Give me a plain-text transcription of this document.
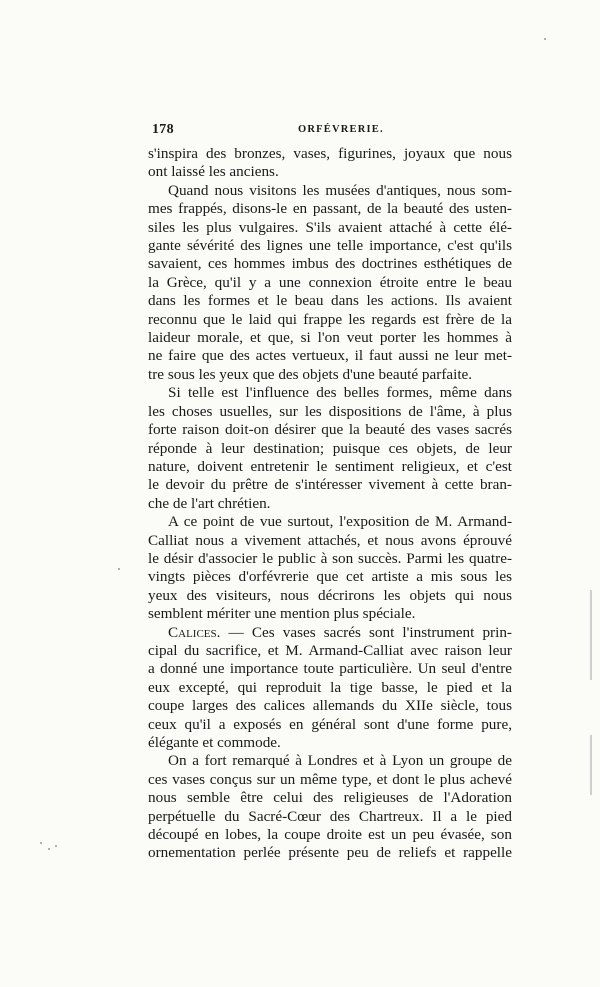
178	ORFÉVRERIE.
s'inspira des bronzes, vases, figurines, joyaux que nous
ont laissé les anciens.
Quand nous visitons les musées d'antiques, nous som-
mes frappés, disons-le en passant, de la beauté des usten-
siles les plus vulgaires. S'ils avaient attaché à cette élé-
gante sévérité des lignes une telle importance, c'est qu'ils
savaient, ces hommes imbus des doctrines esthétiques de
la Grèce, qu'il y a une connexion étroite entre le beau
dans les formes et le beau dans les actions. Ils avaient
reconnu que le laid qui frappe les regards est frère de la
laideur morale, et que, si l'on veut porter les hommes à
ne faire que des actes vertueux, il faut aussi ne leur met-
tre sous les yeux que des objets d'une beauté parfaite.
Si telle est l'influence des belles formes, même dans
les choses usuelles, sur les dispositions de l'âme, à plus
forte raison doit-on désirer que la beauté des vases sacrés
réponde à leur destination; puisque ces objets, de leur
nature, doivent entretenir le sentiment religieux, et c'est
le devoir du prêtre de s'intéresser vivement à cette bran-
che de l'art chrétien.
A ce point de vue surtout, l'exposition de M. Armand-
Calliat nous a vivement attachés, et nous avons éprouvé
le désir d'associer le public à son succès. Parmi les quatre-
vingts pièces d'orfévrerie que cet artiste a mis sous les
yeux des visiteurs, nous décrirons les objets qui nous
semblent mériter une mention plus spéciale.
Calices. — Ces vases sacrés sont l'instrument prin-
cipal du sacrifice, et M. Armand-Calliat avec raison leur
a donné une importance toute particulière. Un seul d'entre
eux excepté, qui reproduit la tige basse, le pied et la
coupe larges des calices allemands du XIIe siècle, tous
ceux qu'il a exposés en général sont d'une forme pure,
élégante et commode.
On a fort remarqué à Londres et à Lyon un groupe de
ces vases conçus sur un même type, et dont le plus achevé
nous semble être celui des religieuses de l'Adoration
perpétuelle du Sacré-Cœur des Chartreux. Il a le pied
découpé en lobes, la coupe droite est un peu évasée, son
ornementation perlée présente peu de reliefs et rappelle
